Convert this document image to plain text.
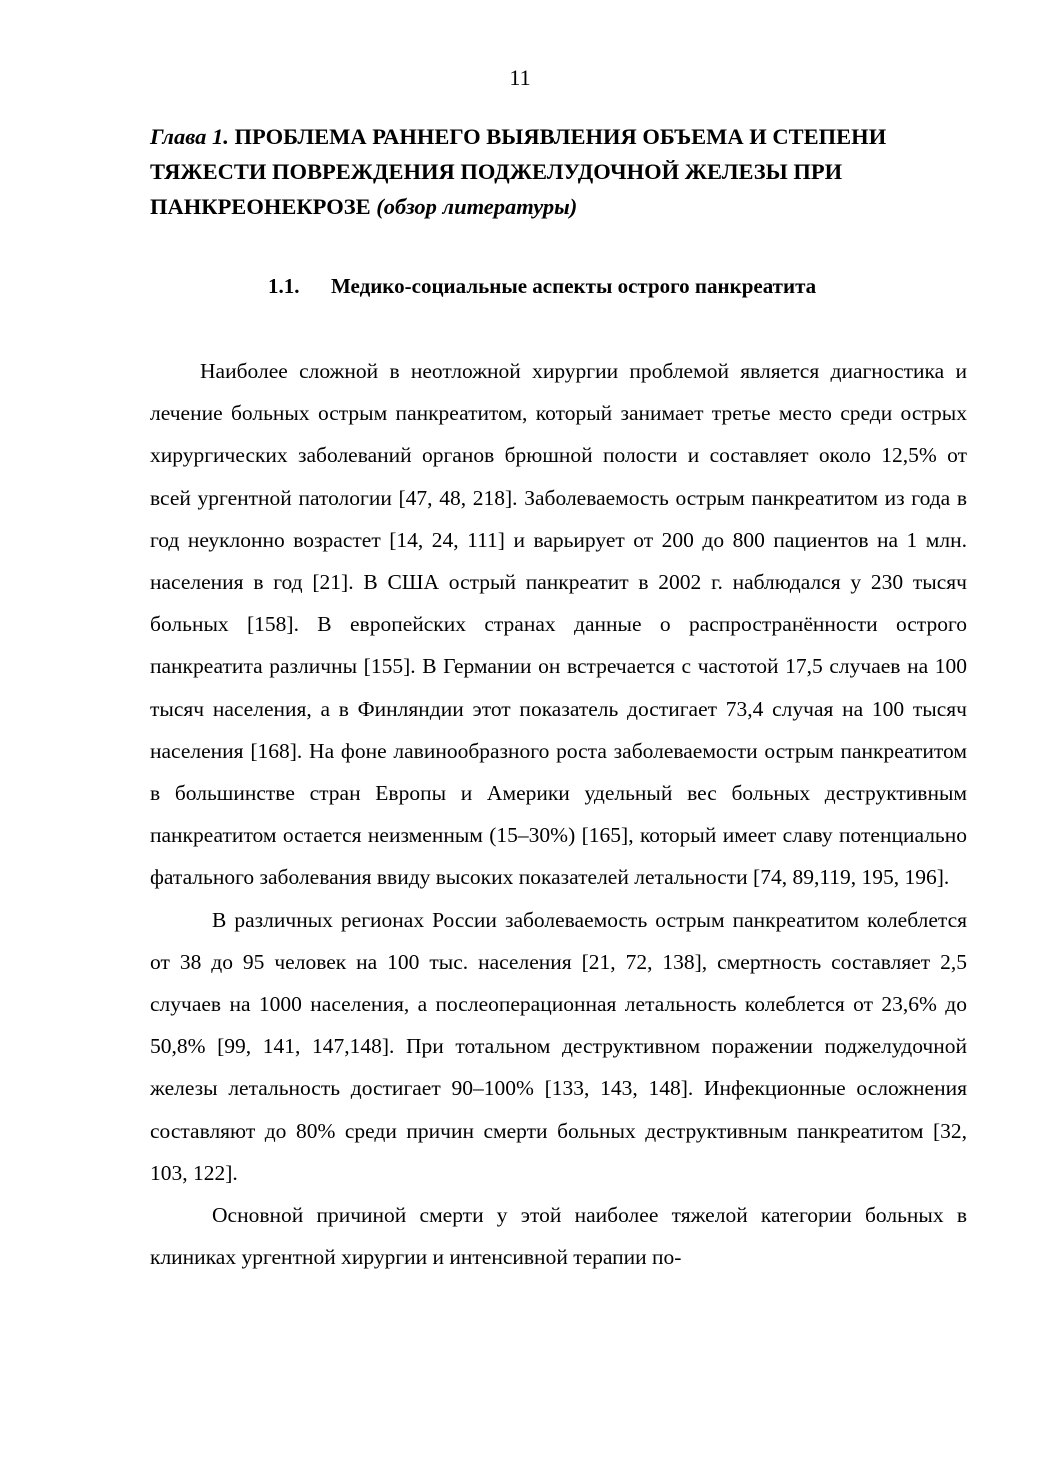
11
Глава 1. ПРОБЛЕМА РАННЕГО ВЫЯВЛЕНИЯ ОБЪЕМА И СТЕПЕНИ ТЯЖЕСТИ ПОВРЕЖДЕНИЯ ПОДЖЕЛУДОЧНОЙ ЖЕЛЕЗЫ ПРИ ПАНКРЕОНЕКРОЗЕ (обзор литературы)
1.1. Медико-социальные аспекты острого панкреатита

Наиболее сложной в неотложной хирургии проблемой является диагностика и лечение больных острым панкреатитом, который занимает третье место среди острых хирургических заболеваний органов брюшной полости и составляет около 12,5% от всей ургентной патологии [47, 48, 218]. Заболеваемость острым панкреатитом из года в год неуклонно возрастет [14, 24, 111] и варьирует от 200 до 800 пациентов на 1 млн. населения в год [21]. В США острый панкреатит в 2002 г. наблюдался у 230 тысяч больных [158]. В европейских странах данные о распространённости острого панкреатита различны [155]. В Германии он встречается с частотой 17,5 случаев на 100 тысяч населения, а в Финляндии этот показатель достигает 73,4 случая на 100 тысяч населения [168]. На фоне лавинообразного роста заболеваемости острым панкреатитом в большинстве стран Европы и Америки удельный вес больных деструктивным панкреатитом остается неизменным (15–30%) [165], который имеет славу потенциально фатального заболевания ввиду высоких показателей летальности [74, 89,119, 195, 196].

В различных регионах России заболеваемость острым панкреатитом колеблется от 38 до 95 человек на 100 тыс. населения [21, 72, 138], смертность составляет 2,5 случаев на 1000 населения, а послеоперационная летальность колеблется от 23,6% до 50,8% [99, 141, 147,148]. При тотальном деструктивном поражении поджелудочной железы летальность достигает 90–100% [133, 143, 148]. Инфекционные осложнения составляют до 80% среди причин смерти больных деструктивным панкреатитом [32, 103, 122].

Основной причиной смерти у этой наиболее тяжелой категории больных в клиниках ургентной хирургии и интенсивной терапии по-
